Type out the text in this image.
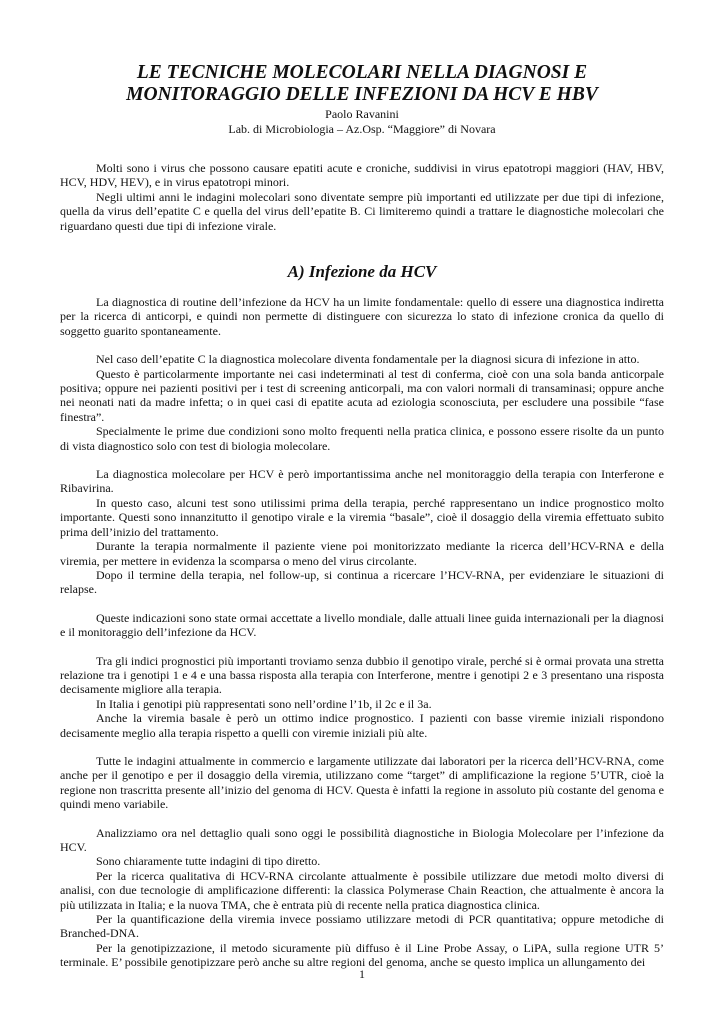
LE TECNICHE MOLECOLARI NELLA DIAGNOSI E
MONITORAGGIO DELLE INFEZIONI DA HCV E HBV
Paolo Ravanini
Lab. di Microbiologia – Az.Osp. “Maggiore” di Novara

Molti sono i virus che possono causare epatiti acute e croniche, suddivisi in virus epatotropi maggiori (HAV, HBV, HCV, HDV, HEV), e in virus epatotropi minori.

Negli ultimi anni le indagini molecolari sono diventate sempre più importanti ed utilizzate per due tipi di infezione, quella da virus dell’epatite C e quella del virus dell’epatite B. Ci limiteremo quindi a trattare le diagnostiche molecolari che riguardano questi due tipi di infezione virale.

A) Infezione da HCV

La diagnostica di routine dell’infezione da HCV ha un limite fondamentale: quello di essere una diagnostica indiretta per la ricerca di anticorpi, e quindi non permette di distinguere con sicurezza lo stato di infezione cronica da quello di soggetto guarito spontaneamente.

Nel caso dell’epatite C la diagnostica molecolare diventa fondamentale per la diagnosi sicura di infezione in atto.

Questo è particolarmente importante nei casi indeterminati al test di conferma, cioè con una sola banda anticorpale positiva; oppure nei pazienti positivi per i test di screening anticorpali, ma con valori normali di transaminasi; oppure anche nei neonati nati da madre infetta; o in quei casi di epatite acuta ad eziologia sconosciuta, per escludere una possibile “fase finestra”.

Specialmente le prime due condizioni sono molto frequenti nella pratica clinica, e possono essere risolte da un punto di vista diagnostico solo con test di biologia molecolare.

La diagnostica molecolare per HCV è però importantissima anche nel monitoraggio della terapia con Interferone e Ribavirina.

In questo caso, alcuni test sono utilissimi prima della terapia, perché rappresentano un indice prognostico molto importante. Questi sono innanzitutto il genotipo virale e la viremia “basale”, cioè il dosaggio della viremia effettuato subito prima dell’inizio del trattamento.

Durante la terapia normalmente il paziente viene poi monitorizzato mediante la ricerca dell’HCV-RNA e della viremia, per mettere in evidenza la scomparsa o meno del virus circolante.

Dopo il termine della terapia, nel follow-up, si continua a ricercare l’HCV-RNA, per evidenziare le situazioni di relapse.

Queste indicazioni sono state ormai accettate a livello mondiale, dalle attuali linee guida internazionali per la diagnosi e il monitoraggio dell’infezione da HCV.

Tra gli indici prognostici più importanti troviamo senza dubbio il genotipo virale, perché si è ormai provata una stretta relazione tra i genotipi 1 e 4 e una bassa risposta alla terapia con Interferone, mentre i genotipi 2 e 3 presentano una risposta decisamente migliore alla terapia.

In Italia i genotipi più rappresentati sono nell’ordine l’1b, il 2c e il 3a.

Anche la viremia basale è però un ottimo indice prognostico. I pazienti con basse viremie iniziali rispondono decisamente meglio alla terapia rispetto a quelli con viremie iniziali più alte.

Tutte le indagini attualmente in commercio e largamente utilizzate dai laboratori per la ricerca dell’HCV-RNA, come anche per il genotipo e per il dosaggio della viremia, utilizzano come “target” di amplificazione la regione 5’UTR, cioè la regione non trascritta presente all’inizio del genoma di HCV. Questa è infatti la regione in assoluto più costante del genoma e quindi meno variabile.

Analizziamo ora nel dettaglio quali sono oggi le possibilità diagnostiche in Biologia Molecolare per l’infezione da HCV.

Sono chiaramente tutte indagini di tipo diretto.

Per la ricerca qualitativa di HCV-RNA circolante attualmente è possibile utilizzare due metodi molto diversi di analisi, con due tecnologie di amplificazione differenti: la classica Polymerase Chain Reaction, che attualmente è ancora la più utilizzata in Italia; e la nuova TMA, che è entrata più di recente nella pratica diagnostica clinica.

Per la quantificazione della viremia invece possiamo utilizzare metodi di PCR quantitativa; oppure metodiche di Branched-DNA.

Per la genotipizzazione, il metodo sicuramente più diffuso è il Line Probe Assay, o LiPA, sulla regione UTR 5’ terminale. E’ possibile genotipizzare però anche su altre regioni del genoma, anche se questo implica un allungamento dei

1
